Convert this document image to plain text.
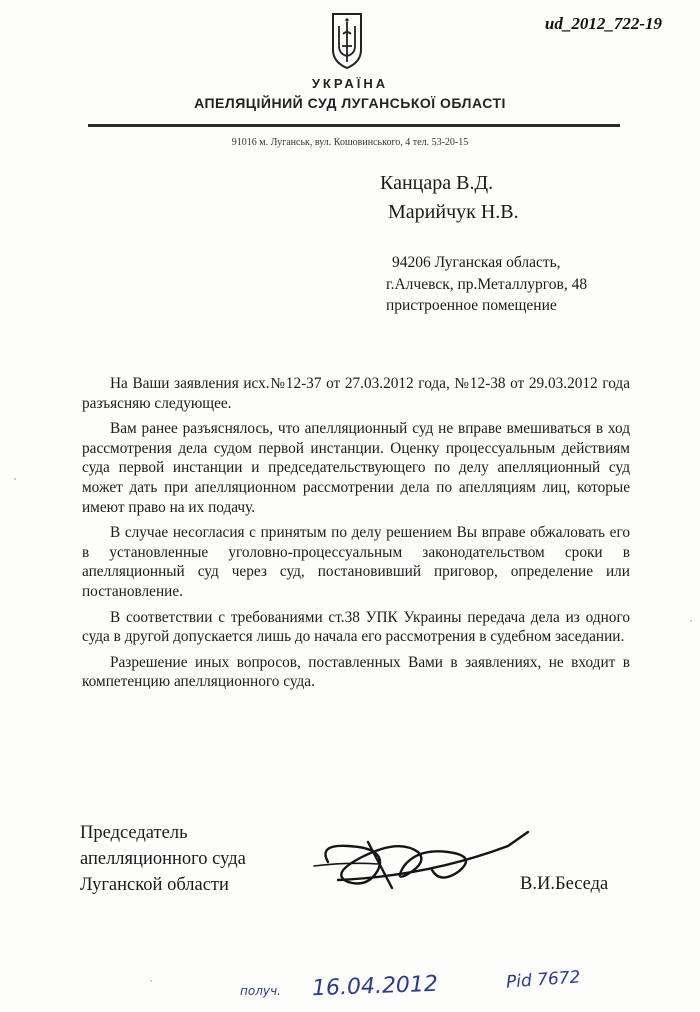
ud_2012_722-19
УКРАЇНА
АПЕЛЯЦІЙНИЙ СУД ЛУГАНСЬКОЇ ОБЛАСТІ
91016 м. Луганськ, вул. Кошовинського, 4 тел. 53-20-15
Канцара В.Д.
Марийчук Н.В.
94206 Луганская область,
г.Алчевск, пр.Металлургов, 48
пристроенное помещение

На Ваши заявления исх.№12-37 от 27.03.2012 года, №12-38 от 29.03.2012 года разъясняю следующее.

Вам ранее разъяснялось, что апелляционный суд не вправе вмешиваться в ход рассмотрения дела судом первой инстанции. Оценку процессуальным действиям суда первой инстанции и председательствующего по делу апелляционный суд может дать при апелляционном рассмотрении дела по апелляциям лиц, которые имеют право на их подачу.

В случае несогласия с принятым по делу решением Вы вправе обжаловать его в установленные уголовно-процессуальным законодательством сроки в апелляционный суд через суд, постановивший приговор, определение или постановление.

В соответствии с требованиями ст.38 УПК Украины передача дела из одного суда в другой допускается лишь до начала его рассмотрения в судебном заседании.

Разрешение иных вопросов, поставленных Вами в заявлениях, не входит в компетенцию апелляционного суда.

Председатель
апелляционного суда
Луганской области	В.И.Беседа
получ. 16.04.2012	Pid 7672
